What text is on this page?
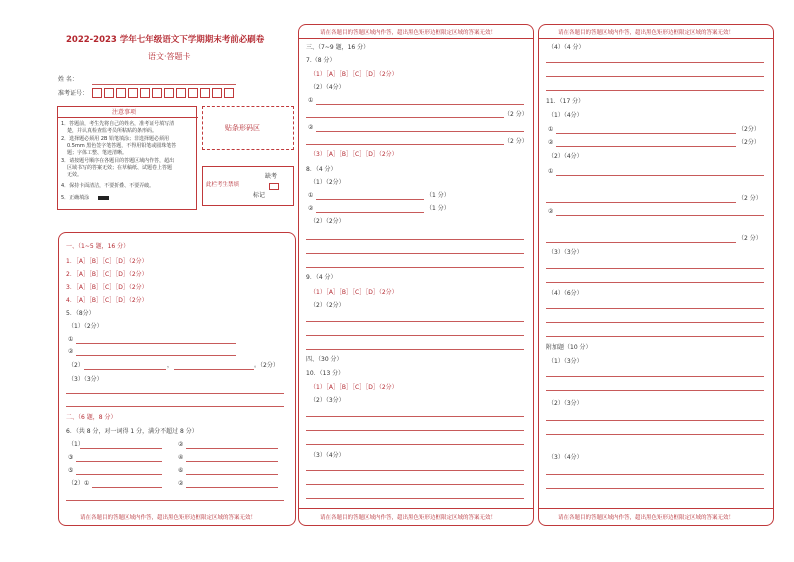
2022-2023 学年七年级语文下学期期末考前必刷卷
语文·答题卡
姓 名：
准考证号：
注意事项
1．答题前，考生先将自己的姓名，准考证号填写清
楚，并认真检查监考员所粘贴的条形码。
2．选择题必须用 2B 铅笔填涂；非选择题必须用
0.5mm 黑色签字笔答题，不得用铅笔或圆珠笔答
题；字体工整、笔迹清晰。
3．请按题号顺序在各题目的答题区域内作答，超出
区域书写的答案无效；在草稿纸、试题卷上答题
无效。
4．保持卡面清洁，不要折叠、不要弄破。
5．正确填涂
贴条形码区
此栏考生禁填
缺考
标记
一、（1~5 题，16 分）
1．［A］［B］［C］［D］（2分）
2．［A］［B］［C］［D］（2分）
3．［A］［B］［C］［D］（2分）
4．［A］［B］［C］［D］（2分）
5．（8分）
（1）（2分）
①
②
（2）	，	。（2分）
（3）（3分）
二、（6 题，8 分）
6．（共 8 分，对一词得 1 分，满分不超过 8 分）
（1）	②
③	④
⑤	⑥
（2）①	②
请在各题目的答题区域内作答，超出黑色矩形边框限定区域的答案无效！
请在各题目的答题区域内作答，超出黑色矩形边框限定区域的答案无效！
三、（7~9 题，16 分）
7.（8 分）
（1）［A］［B］［C］［D］（2分）
（2）（4分）
①
（2 分）
②
（2 分）
（3）［A］［B］［C］［D］（2分）
8．（4 分）
（1）（2分）
①	（1 分）
②	（1 分）
（2）（2分）
9．（4 分）
（1）［A］［B］［C］［D］（2分）
（2）（2分）
四、（30 分）
10．（13 分）
（1）［A］［B］［C］［D］（2分）
（2）（3分）
（3）（4分）
请在各题目的答题区域内作答，超出黑色矩形边框限定区域的答案无效！
请在各题目的答题区域内作答，超出黑色矩形边框限定区域的答案无效！
（4）（4 分）
11．（17 分）
（1）（4分）
①	（2分）
②	（2分）
（2）（4分）
①
（2 分）
②
（2 分）
（3）（3分）
（4）（6分）
附加题（10 分）
（1）（3分）
（2）（3分）
（3）（4分）
请在各题目的答题区域内作答，超出黑色矩形边框限定区域的答案无效！
